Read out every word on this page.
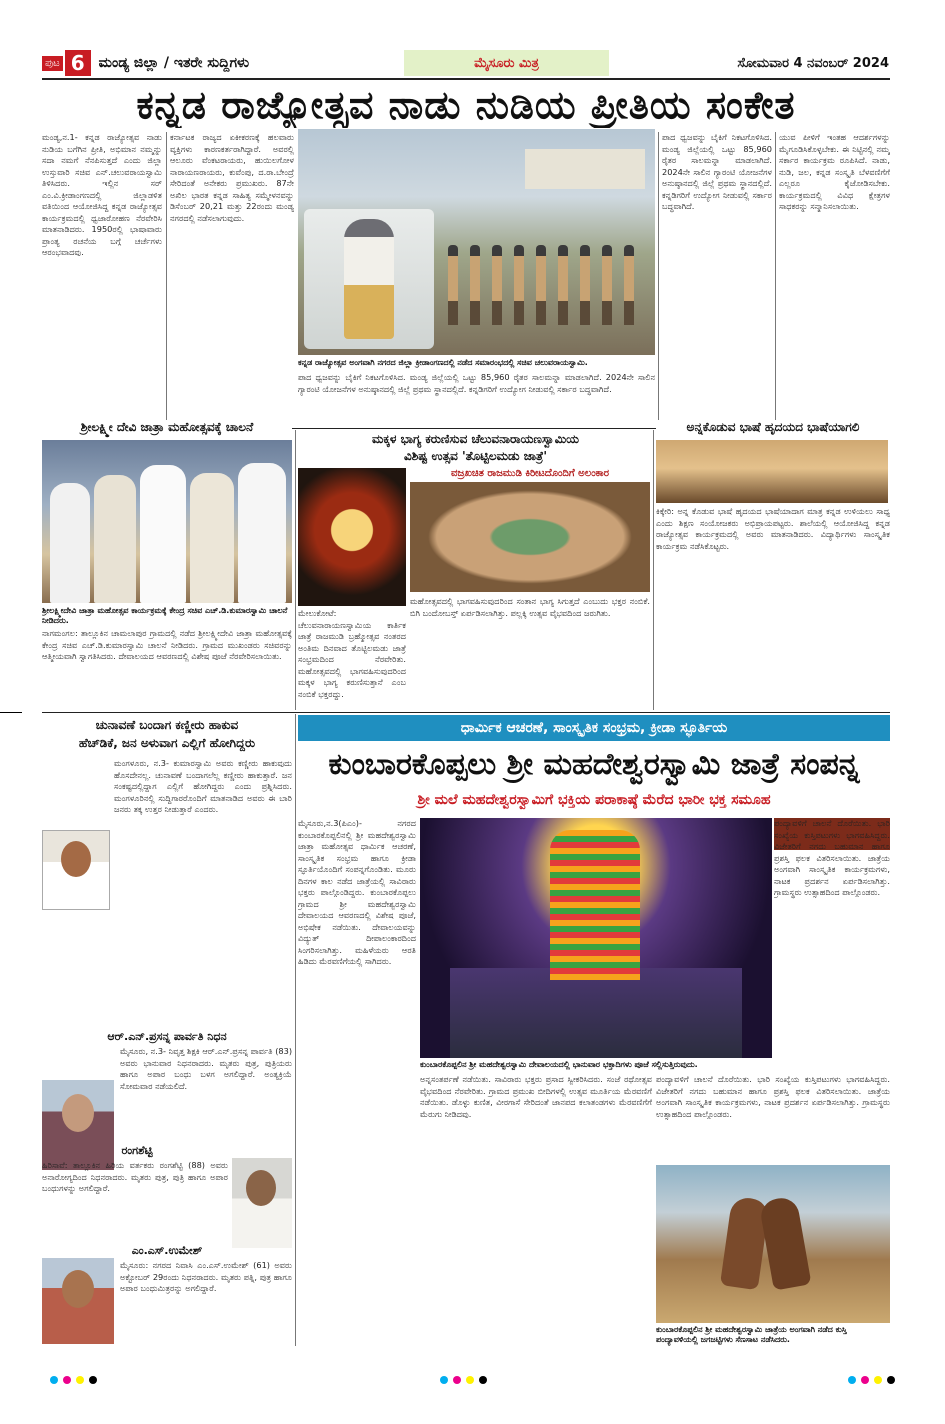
ಪುಟ 6	ಮಂಡ್ಯ ಜಿಲ್ಲಾ / ಇತರೇ ಸುದ್ದಿಗಳು	ಮೈಸೂರು ಮಿತ್ರ	ಸೋಮವಾರ 4 ನವಂಬರ್ 2024
ಕನ್ನಡ ರಾಜ್ಯೋತ್ಸವ ನಾಡು ನುಡಿಯ ಪ್ರೀತಿಯ ಸಂಕೇತ
ಮಂಡ್ಯ,ನ.1- ಕನ್ನಡ ರಾಜ್ಯೋತ್ಸವ ನಾಡು ನುಡಿಯ ಬಗೆಗಿನ ಪ್ರೀತಿ, ಅಭಿಮಾನ ನಮ್ಮನ್ನು ಸದಾ ನಮಗೆ ನೆನಪಿಸುತ್ತದೆ ಎಂದು ಜಿಲ್ಲಾ ಉಸ್ತುವಾರಿ ಸಚಿವ ಎನ್.ಚಲುವರಾಯಸ್ವಾಮಿ ತಿಳಿಸಿದರು. ಇಲ್ಲಿನ ಸರ್ ಎಂ.ವಿ.ಕ್ರೀಡಾಂಗಣದಲ್ಲಿ ಜಿಲ್ಲಾಡಳಿತ ವತಿಯಿಂದ ಆಯೋಜಿಸಿದ್ದ ಕನ್ನಡ ರಾಜ್ಯೋತ್ಸವ ಕಾರ್ಯಕ್ರಮದಲ್ಲಿ ಧ್ವಜಾರೋಹಣ ನೆರವೇರಿಸಿ ಮಾತನಾಡಿದರು. 1950ರಲ್ಲಿ ಭಾಷಾವಾರು ಪ್ರಾಂತ್ಯ ರಚನೆಯ ಬಗ್ಗೆ ಚರ್ಚೆಗಳು ಆರಂಭವಾದವು.
ಕರ್ನಾಟಕ ರಾಜ್ಯದ ಏಕೀಕರಣಕ್ಕೆ ಹಲವಾರು ವ್ಯಕ್ತಿಗಳು ಕಾರಣಕರ್ತರಾಗಿದ್ದಾರೆ. ಅವರಲ್ಲಿ ಆಲೂರು ವೆಂಕಟರಾಯರು, ಹುಯಿಲಗೋಳ ನಾರಾಯಣರಾಯರು, ಕುವೆಂಪು, ದ.ರಾ.ಬೇಂದ್ರೆ ಸೇರಿದಂತೆ ಅನೇಕರು ಪ್ರಮುಖರು. 87ನೇ ಅಖಿಲ ಭಾರತ ಕನ್ನಡ ಸಾಹಿತ್ಯ ಸಮ್ಮೇಳನವನ್ನು ಡಿಸೆಂಬರ್ 20,21 ಮತ್ತು 22ರಂದು ಮಂಡ್ಯ ನಗರದಲ್ಲಿ ನಡೆಸಲಾಗುವುದು.
ಕನ್ನಡ ರಾಜ್ಯೋತ್ಸವ ಅಂಗವಾಗಿ ನಗರದ ಜಿಲ್ಲಾ ಕ್ರೀಡಾಂಗಣದಲ್ಲಿ ನಡೆದ ಸಮಾರಂಭದಲ್ಲಿ ಸಚಿವ ಚಲುವರಾಯಸ್ವಾಮಿ.
ಪಾದ ಧ್ವಜವನ್ನು ಬೈಕಿಗೆ ನಿಕಟಗೊಳಿಸಿದ. ಮಂಡ್ಯ ಜಿಲ್ಲೆಯಲ್ಲಿ ಒಟ್ಟು 85,960 ರೈತರ ಸಾಲಮನ್ನಾ ಮಾಡಲಾಗಿದೆ. 2024ನೇ ಸಾಲಿನ ಗ್ಯಾರಂಟಿ ಯೋಜನೆಗಳ ಅನುಷ್ಠಾನದಲ್ಲಿ ಜಿಲ್ಲೆ ಪ್ರಥಮ ಸ್ಥಾನದಲ್ಲಿದೆ. ಕನ್ನಡಿಗರಿಗೆ ಉದ್ಯೋಗ ನೀಡುವಲ್ಲಿ ಸರ್ಕಾರ ಬದ್ಧವಾಗಿದೆ.
ಪಾದ ಧ್ವಜವನ್ನು ಬೈಕಿಗೆ ನಿಕಟಗೊಳಿಸಿದ. ಮಂಡ್ಯ ಜಿಲ್ಲೆಯಲ್ಲಿ ಒಟ್ಟು 85,960 ರೈತರ ಸಾಲಮನ್ನಾ ಮಾಡಲಾಗಿದೆ. 2024ನೇ ಸಾಲಿನ ಗ್ಯಾರಂಟಿ ಯೋಜನೆಗಳ ಅನುಷ್ಠಾನದಲ್ಲಿ ಜಿಲ್ಲೆ ಪ್ರಥಮ ಸ್ಥಾನದಲ್ಲಿದೆ. ಕನ್ನಡಿಗರಿಗೆ ಉದ್ಯೋಗ ನೀಡುವಲ್ಲಿ ಸರ್ಕಾರ ಬದ್ಧವಾಗಿದೆ.
ಯುವ ಪೀಳಿಗೆ ಇಂತಹ ಆದರ್ಶಗಳನ್ನು ಮೈಗೂಡಿಸಿಕೊಳ್ಳಬೇಕು. ಈ ನಿಟ್ಟಿನಲ್ಲಿ ನಮ್ಮ ಸರ್ಕಾರ ಕಾರ್ಯಕ್ರಮ ರೂಪಿಸಿದೆ. ನಾಡು, ನುಡಿ, ಜಲ, ಕನ್ನಡ ಸಂಸ್ಕೃತಿ ಬೆಳವಣಿಗೆಗೆ ಎಲ್ಲರೂ ಕೈಜೋಡಿಸಬೇಕು. ಕಾರ್ಯಕ್ರಮದಲ್ಲಿ ವಿವಿಧ ಕ್ಷೇತ್ರಗಳ ಸಾಧಕರನ್ನು ಸನ್ಮಾನಿಸಲಾಯಿತು.
ಶ್ರೀಲಕ್ಷ್ಮೀ ದೇವಿ ಜಾತ್ರಾ ಮಹೋತ್ಸವಕ್ಕೆ ಚಾಲನೆ
ಶ್ರೀಲಕ್ಷ್ಮೀದೇವಿ ಜಾತ್ರಾ ಮಹೋತ್ಸವ ಕಾರ್ಯಕ್ರಮಕ್ಕೆ ಕೇಂದ್ರ ಸಚಿವ ಎಚ್.ಡಿ.ಕುಮಾರಸ್ವಾಮಿ ಚಾಲನೆ ನೀಡಿದರು.
ನಾಗಮಂಗಲ: ತಾಲ್ಲೂಕಿನ ಚಾಮಲಾಪುರ ಗ್ರಾಮದಲ್ಲಿ ನಡೆದ ಶ್ರೀಲಕ್ಷ್ಮೀದೇವಿ ಜಾತ್ರಾ ಮಹೋತ್ಸವಕ್ಕೆ ಕೇಂದ್ರ ಸಚಿವ ಎಚ್.ಡಿ.ಕುಮಾರಸ್ವಾಮಿ ಚಾಲನೆ ನೀಡಿದರು. ಗ್ರಾಮದ ಮುಖಂಡರು ಸಚಿವರನ್ನು ಆತ್ಮೀಯವಾಗಿ ಸ್ವಾಗತಿಸಿದರು. ದೇವಾಲಯದ ಆವರಣದಲ್ಲಿ ವಿಶೇಷ ಪೂಜೆ ನೆರವೇರಿಸಲಾಯಿತು.
ಮಕ್ಕಳ ಭಾಗ್ಯ ಕರುಣಿಸುವ ಚೆಲುವನಾರಾಯಣಸ್ವಾಮಿಯ
ವಿಶಿಷ್ಟ ಉತ್ಸವ 'ತೊಟ್ಟಿಲಮಡು ಜಾತ್ರೆ'
ವಜ್ರಖಚಿತ ರಾಜಮುಡಿ ಕಿರೀಟದೊಂದಿಗೆ ಅಲಂಕಾರ
ಮೇಲುಕೋಟೆ: ಚೆಲುವನಾರಾಯಣಸ್ವಾಮಿಯ ಕಾರ್ತಿಕ ಜಾತ್ರೆ ರಾಜಮುಡಿ ಬ್ರಹ್ಮೋತ್ಸವ ನಂತರದ ಅಂತಿಮ ದಿನವಾದ ತೊಟ್ಟಿಲಮಡು ಜಾತ್ರೆ ಸಂಭ್ರಮದಿಂದ ನೆರವೇರಿತು. ಮಹೋತ್ಸವದಲ್ಲಿ ಭಾಗವಹಿಸುವುದರಿಂದ ಮಕ್ಕಳ ಭಾಗ್ಯ ಕರುಣಿಸುತ್ತಾನೆ ಎಂಬ ನಂಬಿಕೆ ಭಕ್ತರದ್ದು.
ಮಹೋತ್ಸವದಲ್ಲಿ ಭಾಗವಹಿಸುವುದರಿಂದ ಸಂತಾನ ಭಾಗ್ಯ ಸಿಗುತ್ತದೆ ಎಂಬುದು ಭಕ್ತರ ನಂಬಿಕೆ. ಬಿಗಿ ಬಂದೋಬಸ್ತ್ ಏರ್ಪಡಿಸಲಾಗಿತ್ತು. ಪಲ್ಲಕ್ಕಿ ಉತ್ಸವ ವೈಭವದಿಂದ ಜರುಗಿತು.
ಅನ್ನಕೊಡುವ ಭಾಷೆ ಹೃದಯದ ಭಾಷೆಯಾಗಲಿ
ಕಿಕ್ಕೇರಿ: ಅನ್ನ ಕೊಡುವ ಭಾಷೆ ಹೃದಯದ ಭಾಷೆಯಾದಾಗ ಮಾತ್ರ ಕನ್ನಡ ಉಳಿಯಲು ಸಾಧ್ಯ ಎಂದು ಶಿಕ್ಷಣ ಸಂಯೋಜಕರು ಅಭಿಪ್ರಾಯಪಟ್ಟರು. ಶಾಲೆಯಲ್ಲಿ ಆಯೋಜಿಸಿದ್ದ ಕನ್ನಡ ರಾಜ್ಯೋತ್ಸವ ಕಾರ್ಯಕ್ರಮದಲ್ಲಿ ಅವರು ಮಾತನಾಡಿದರು. ವಿದ್ಯಾರ್ಥಿಗಳು ಸಾಂಸ್ಕೃತಿಕ ಕಾರ್ಯಕ್ರಮ ನಡೆಸಿಕೊಟ್ಟರು.
ಚುನಾವಣೆ ಬಂದಾಗ ಕಣ್ಣೀರು ಹಾಕುವ
ಹೆಚ್‌ಡಿಕೆ, ಜನ ಅಳುವಾಗ ಎಲ್ಲಿಗೆ ಹೋಗಿದ್ದರು
ಮಂಗಳೂರು, ನ.3- ಕುಮಾರಸ್ವಾಮಿ ಅವರು ಕಣ್ಣೀರು ಹಾಕುವುದು ಹೊಸದೇನಲ್ಲ. ಚುನಾವಣೆ ಬಂದಾಗಲೆಲ್ಲ ಕಣ್ಣೀರು ಹಾಕುತ್ತಾರೆ. ಜನ ಸಂಕಷ್ಟದಲ್ಲಿದ್ದಾಗ ಎಲ್ಲಿಗೆ ಹೋಗಿದ್ದರು ಎಂದು ಪ್ರಶ್ನಿಸಿದರು. ಮಂಗಳೂರಿನಲ್ಲಿ ಸುದ್ದಿಗಾರರೊಂದಿಗೆ ಮಾತನಾಡಿದ ಅವರು ಈ ಬಾರಿ ಜನರು ತಕ್ಕ ಉತ್ತರ ನೀಡುತ್ತಾರೆ ಎಂದರು.
ಆರ್.ಎನ್.ಪ್ರಸನ್ನ ಪಾರ್ವತಿ ನಿಧನ
ಮೈಸೂರು, ನ.3- ನಿವೃತ್ತ ಶಿಕ್ಷಕಿ ಆರ್.ಎನ್.ಪ್ರಸನ್ನ ಪಾರ್ವತಿ (83) ಅವರು ಭಾನುವಾರ ನಿಧನರಾದರು. ಮೃತರು ಪುತ್ರ, ಪುತ್ರಿಯರು ಹಾಗೂ ಅಪಾರ ಬಂಧು ಬಳಗ ಅಗಲಿದ್ದಾರೆ. ಅಂತ್ಯಕ್ರಿಯೆ ಸೋಮವಾರ ನಡೆಯಲಿದೆ.
ರಂಗಶೆಟ್ಟಿ
ಹಿರಿಸಾವೆ: ತಾಲ್ಲೂಕಿನ ಹಿರಿಯ ವರ್ತಕರು ರಂಗಶೆಟ್ಟಿ (88) ಅವರು ಅನಾರೋಗ್ಯದಿಂದ ನಿಧನರಾದರು. ಮೃತರು ಪುತ್ರ, ಪುತ್ರಿ ಹಾಗೂ ಅಪಾರ ಬಂಧುಗಳನ್ನು ಅಗಲಿದ್ದಾರೆ.
ಎಂ.ಎಸ್.ಉಮೇಶ್
ಮೈಸೂರು: ನಗರದ ನಿವಾಸಿ ಎಂ.ಎಸ್.ಉಮೇಶ್ (61) ಅವರು ಅಕ್ಟೋಬರ್ 29ರಂದು ನಿಧನರಾದರು. ಮೃತರು ಪತ್ನಿ, ಪುತ್ರ ಹಾಗೂ ಅಪಾರ ಬಂಧುಮಿತ್ರರನ್ನು ಅಗಲಿದ್ದಾರೆ.
ಧಾರ್ಮಿಕ ಆಚರಣೆ, ಸಾಂಸ್ಕೃತಿಕ ಸಂಭ್ರಮ, ಕ್ರೀಡಾ ಸ್ಫೂರ್ತಿಯ
ಕುಂಬಾರಕೊಪ್ಪಲು ಶ್ರೀ ಮಹದೇಶ್ವರಸ್ವಾಮಿ ಜಾತ್ರೆ ಸಂಪನ್ನ
ಶ್ರೀ ಮಲೆ ಮಹದೇಶ್ವರಸ್ವಾಮಿಗೆ ಭಕ್ತಿಯ ಪರಾಕಾಷ್ಠೆ ಮೆರೆದ ಭಾರೀ ಭಕ್ತ ಸಮೂಹ
ಮೈಸೂರು,ನ.3(ಪಿಎಂ)- ನಗರದ ಕುಂಬಾರಕೊಪ್ಪಲಿನಲ್ಲಿ ಶ್ರೀ ಮಹದೇಶ್ವರಸ್ವಾಮಿ ಜಾತ್ರಾ ಮಹೋತ್ಸವ ಧಾರ್ಮಿಕ ಆಚರಣೆ, ಸಾಂಸ್ಕೃತಿಕ ಸಂಭ್ರಮ ಹಾಗೂ ಕ್ರೀಡಾ ಸ್ಫೂರ್ತಿಯೊಂದಿಗೆ ಸಂಪನ್ನಗೊಂಡಿತು. ಮೂರು ದಿನಗಳ ಕಾಲ ನಡೆದ ಜಾತ್ರೆಯಲ್ಲಿ ಸಾವಿರಾರು ಭಕ್ತರು ಪಾಲ್ಗೊಂಡಿದ್ದರು. ಕುಂಬಾರಕೊಪ್ಪಲು ಗ್ರಾಮದ ಶ್ರೀ ಮಹದೇಶ್ವರಸ್ವಾಮಿ ದೇವಾಲಯದ ಆವರಣದಲ್ಲಿ ವಿಶೇಷ ಪೂಜೆ, ಅಭಿಷೇಕ ನಡೆಯಿತು. ದೇವಾಲಯವನ್ನು ವಿದ್ಯುತ್ ದೀಪಾಲಂಕಾರದಿಂದ ಸಿಂಗರಿಸಲಾಗಿತ್ತು. ಮಹಿಳೆಯರು ಆರತಿ ಹಿಡಿದು ಮೆರವಣಿಗೆಯಲ್ಲಿ ಸಾಗಿದರು.
ಕುಂಬಾರಕೊಪ್ಪಲಿನ ಶ್ರೀ ಮಹದೇಶ್ವರಸ್ವಾಮಿ ದೇವಾಲಯದಲ್ಲಿ ಭಾನುವಾರ ಭಕ್ತಾದಿಗಳು ಪೂಜೆ ಸಲ್ಲಿಸುತ್ತಿರುವುದು.
ಅನ್ನಸಂತರ್ಪಣೆ ನಡೆಯಿತು. ಸಾವಿರಾರು ಭಕ್ತರು ಪ್ರಸಾದ ಸ್ವೀಕರಿಸಿದರು. ಸಂಜೆ ರಥೋತ್ಸವ ವೈಭವದಿಂದ ನೆರವೇರಿತು. ಗ್ರಾಮದ ಪ್ರಮುಖ ಬೀದಿಗಳಲ್ಲಿ ಉತ್ಸವ ಮೂರ್ತಿಯ ಮೆರವಣಿಗೆ ನಡೆಯಿತು. ಡೊಳ್ಳು ಕುಣಿತ, ವೀರಗಾಸೆ ಸೇರಿದಂತೆ ಜಾನಪದ ಕಲಾತಂಡಗಳು ಮೆರವಣಿಗೆಗೆ ಮೆರುಗು ನೀಡಿದವು.
ಪಂದ್ಯಾವಳಿಗೆ ಚಾಲನೆ ದೊರೆಯಿತು. ಭಾರಿ ಸಂಖ್ಯೆಯ ಕುಸ್ತಿಪಟುಗಳು ಭಾಗವಹಿಸಿದ್ದರು. ವಿಜೇತರಿಗೆ ನಗದು ಬಹುಮಾನ ಹಾಗೂ ಪ್ರಶಸ್ತಿ ಫಲಕ ವಿತರಿಸಲಾಯಿತು. ಜಾತ್ರೆಯ ಅಂಗವಾಗಿ ಸಾಂಸ್ಕೃತಿಕ ಕಾರ್ಯಕ್ರಮಗಳು, ನಾಟಕ ಪ್ರದರ್ಶನ ಏರ್ಪಡಿಸಲಾಗಿತ್ತು. ಗ್ರಾಮಸ್ಥರು ಉತ್ಸಾಹದಿಂದ ಪಾಲ್ಗೊಂಡರು.
ಪಂದ್ಯಾವಳಿಗೆ ಚಾಲನೆ ದೊರೆಯಿತು. ಭಾರಿ ಸಂಖ್ಯೆಯ ಕುಸ್ತಿಪಟುಗಳು ಭಾಗವಹಿಸಿದ್ದರು. ವಿಜೇತರಿಗೆ ನಗದು ಬಹುಮಾನ ಹಾಗೂ ಪ್ರಶಸ್ತಿ ಫಲಕ ವಿತರಿಸಲಾಯಿತು. ಜಾತ್ರೆಯ ಅಂಗವಾಗಿ ಸಾಂಸ್ಕೃತಿಕ ಕಾರ್ಯಕ್ರಮಗಳು, ನಾಟಕ ಪ್ರದರ್ಶನ ಏರ್ಪಡಿಸಲಾಗಿತ್ತು. ಗ್ರಾಮಸ್ಥರು ಉತ್ಸಾಹದಿಂದ ಪಾಲ್ಗೊಂಡರು.
ಕುಂಬಾರಕೊಪ್ಪಲಿನ ಶ್ರೀ ಮಹದೇಶ್ವರಸ್ವಾಮಿ ಜಾತ್ರೆಯ ಅಂಗವಾಗಿ ನಡೆದ ಕುಸ್ತಿ ಪಂದ್ಯಾವಳಿಯಲ್ಲಿ ಜಗಜಟ್ಟಿಗಳು ಸೆಣಸಾಟ ನಡೆಸಿದರು.
